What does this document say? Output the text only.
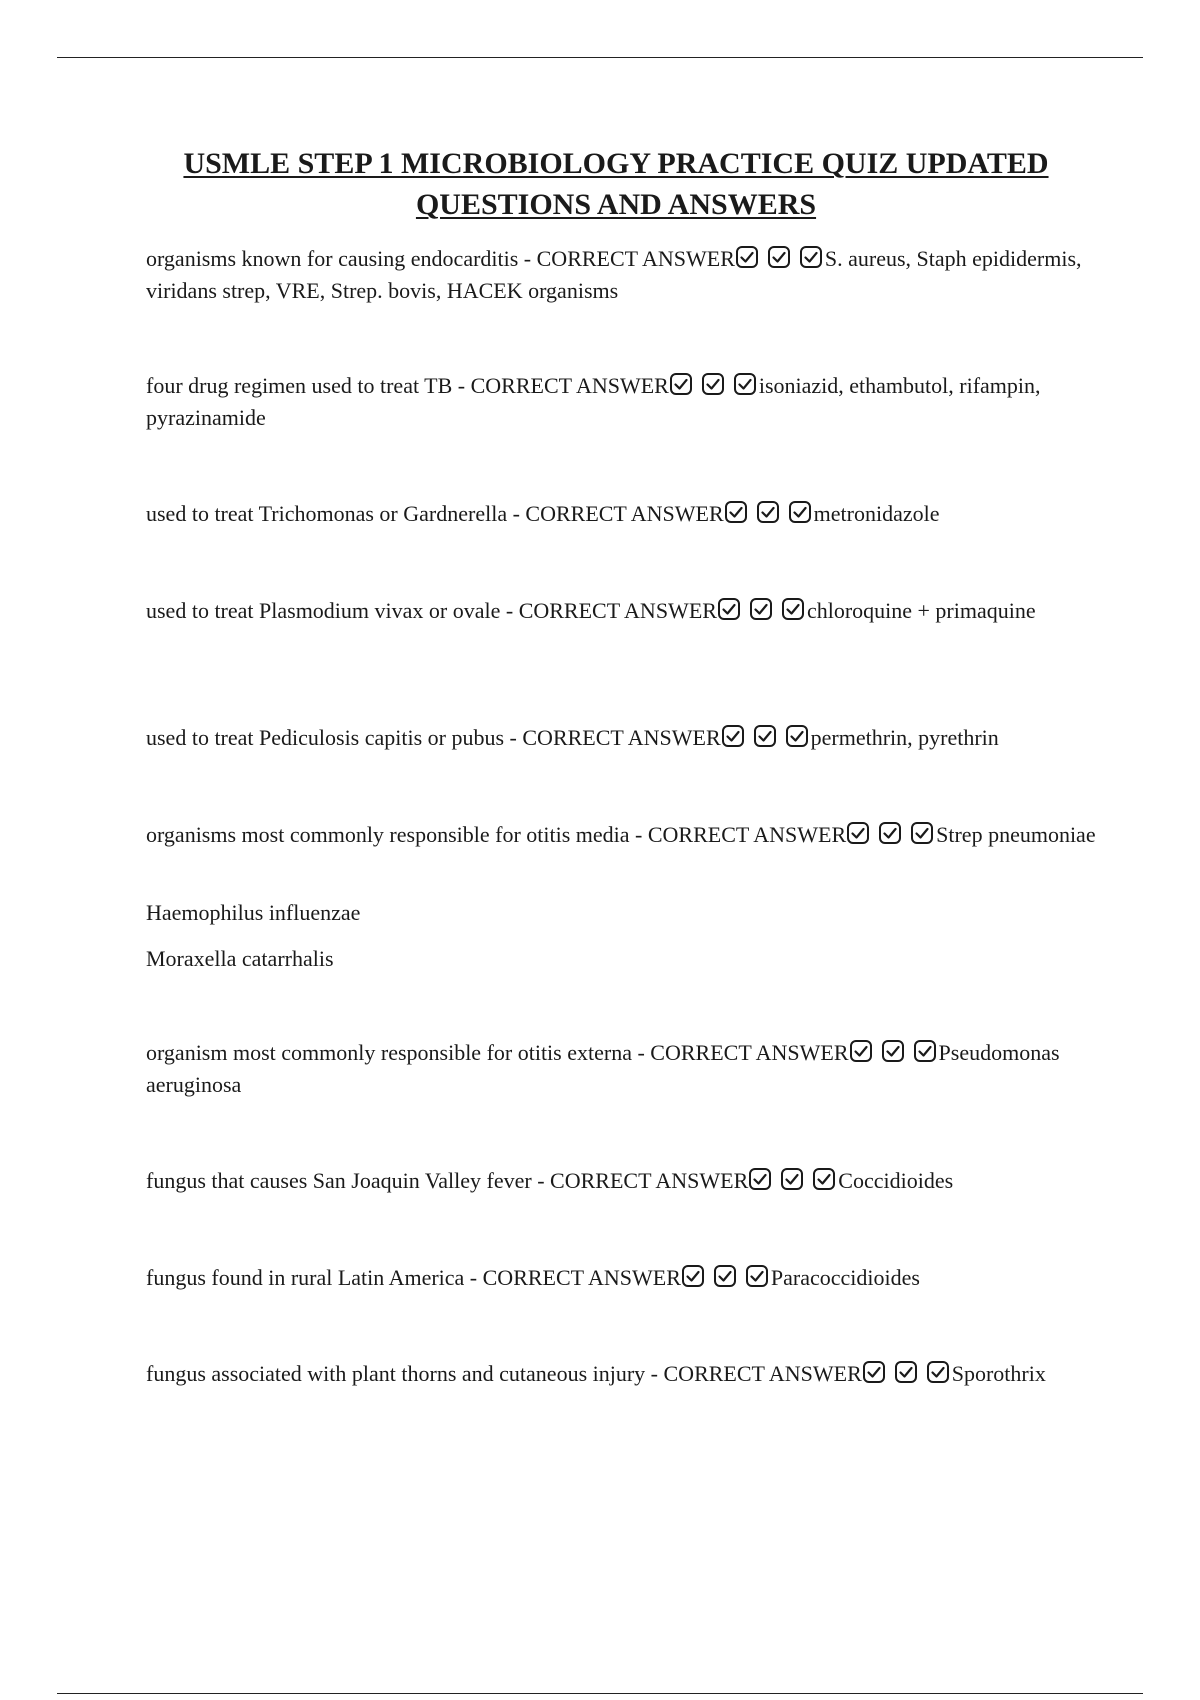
USMLE STEP 1 MICROBIOLOGY PRACTICE QUIZ UPDATED
QUESTIONS AND ANSWERS
organisms known for causing endocarditis - CORRECT ANSWER	S. aureus, Staph epididermis, viridans strep, VRE, Strep. bovis, HACEK organisms
four drug regimen used to treat TB - CORRECT ANSWER	isoniazid, ethambutol, rifampin, pyrazinamide
used to treat Trichomonas or Gardnerella - CORRECT ANSWER	metronidazole
used to treat Plasmodium vivax or ovale - CORRECT ANSWER	chloroquine + primaquine
used to treat Pediculosis capitis or pubus - CORRECT ANSWER	permethrin, pyrethrin
organisms most commonly responsible for otitis media - CORRECT ANSWER	Strep pneumoniae
Haemophilus influenzae
Moraxella catarrhalis
organism most commonly responsible for otitis externa - CORRECT ANSWER	Pseudomonas aeruginosa
fungus that causes San Joaquin Valley fever - CORRECT ANSWER	Coccidioides
fungus found in rural Latin America - CORRECT ANSWER	Paracoccidioides
fungus associated with plant thorns and cutaneous injury - CORRECT ANSWER	Sporothrix
